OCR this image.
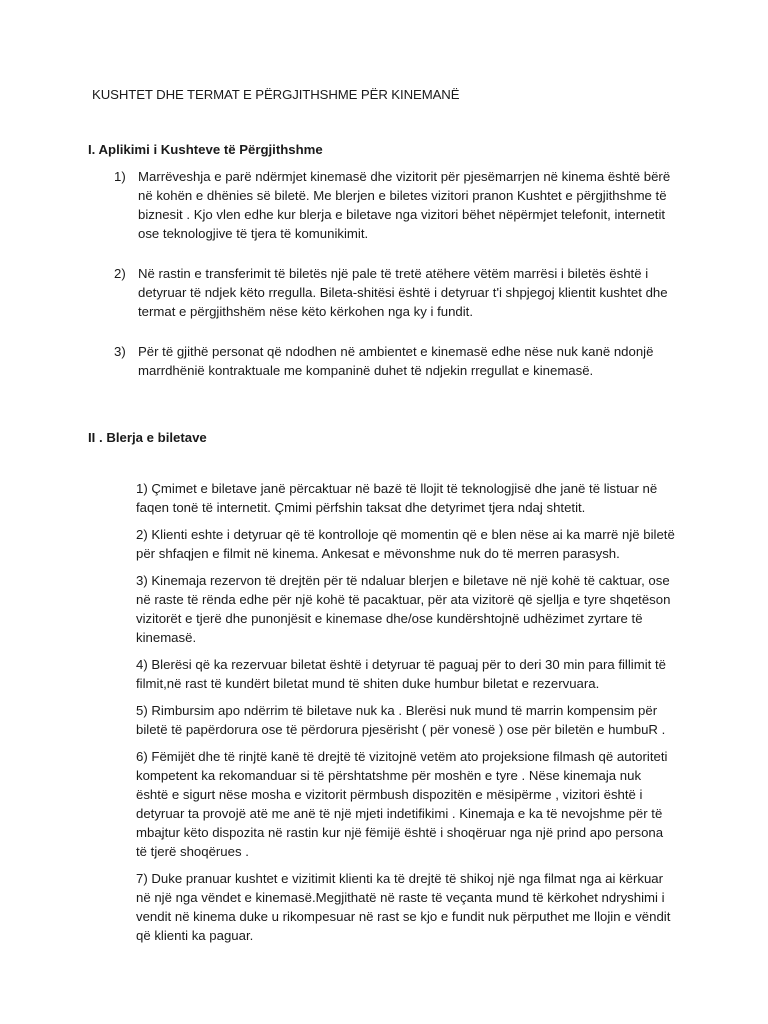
KUSHTET DHE TERMAT E PËRGJITHSHME PËR KINEMANË
I. Aplikimi i Kushteve të Përgjithshme
1) Marrëveshja e parë ndërmjet kinemasë dhe vizitorit për pjesëmarrjen në kinema është bërë në kohën e dhënies së biletë. Me blerjen e biletes vizitori pranon Kushtet e përgjithshme të biznesit . Kjo vlen edhe kur blerja e biletave nga vizitori bëhet nëpërmjet telefonit, internetit ose teknologjive të tjera të komunikimit.
2) Në rastin e transferimit të biletës një pale të tretë atëhere vëtëm marrësi i biletës është i detyruar të ndjek këto rregulla. Bileta-shitësi është i detyruar t'i shpjegoj klientit kushtet dhe termat e përgjithshëm nëse këto kërkohen nga ky i fundit.
3) Për të gjithë personat që ndodhen në ambientet e kinemasë edhe nëse nuk kanë ndonjë marrdhënië kontraktuale me kompaninë duhet të ndjekin rregullat e kinemasë.
II . Blerja e biletave

1) Çmimet e biletave janë përcaktuar në bazë të llojit të teknologjisë dhe janë të listuar në faqen tonë të internetit. Çmimi përfshin taksat dhe detyrimet tjera ndaj shtetit.

2) Klienti eshte i detyruar që të kontrolloje që momentin që e blen nëse ai ka marrë një biletë për shfaqjen e filmit në kinema. Ankesat e mëvonshme nuk do të merren parasysh.

3) Kinemaja rezervon të drejtën për të ndaluar blerjen e biletave në një kohë të caktuar, ose në raste të rënda edhe për një kohë të pacaktuar, për ata vizitorë që sjellja e tyre shqetëson vizitorët e tjerë dhe punonjësit e kinemase dhe/ose kundërshtojnë udhëzimet zyrtare të kinemasë.

4) Blerësi që ka rezervuar biletat është i detyruar të paguaj për to deri 30 min para fillimit të filmit,në rast të kundërt biletat mund të shiten duke humbur biletat e rezervuara.

5) Rimbursim apo ndërrim të biletave nuk ka . Blerësi nuk mund të marrin kompensim për biletë të papërdorura ose të përdorura pjesërisht ( për vonesë ) ose për biletën e humbuR .

6) Fëmijët dhe të rinjtë kanë të drejtë të vizitojnë vetëm ato projeksione filmash që autoriteti kompetent ka rekomanduar si të përshtatshme për moshën e tyre . Nëse kinemaja nuk është e sigurt nëse mosha e vizitorit përmbush dispozitën e mësipërme , vizitori është i detyruar ta provojë atë me anë të një mjeti indetifikimi . Kinemaja e ka të nevojshme për të mbajtur këto dispozita në rastin kur një fëmijë është i shoqëruar nga një prind apo persona të tjerë shoqërues .

7) Duke pranuar kushtet e vizitimit klienti ka të drejtë të shikoj një nga filmat nga ai kërkuar në një nga vëndet e kinemasë.Megjithatë në raste të veçanta mund të kërkohet ndryshimi i vendit në kinema duke u rikompesuar në rast se kjo e fundit nuk përputhet me llojin e vëndit që klienti ka paguar.
